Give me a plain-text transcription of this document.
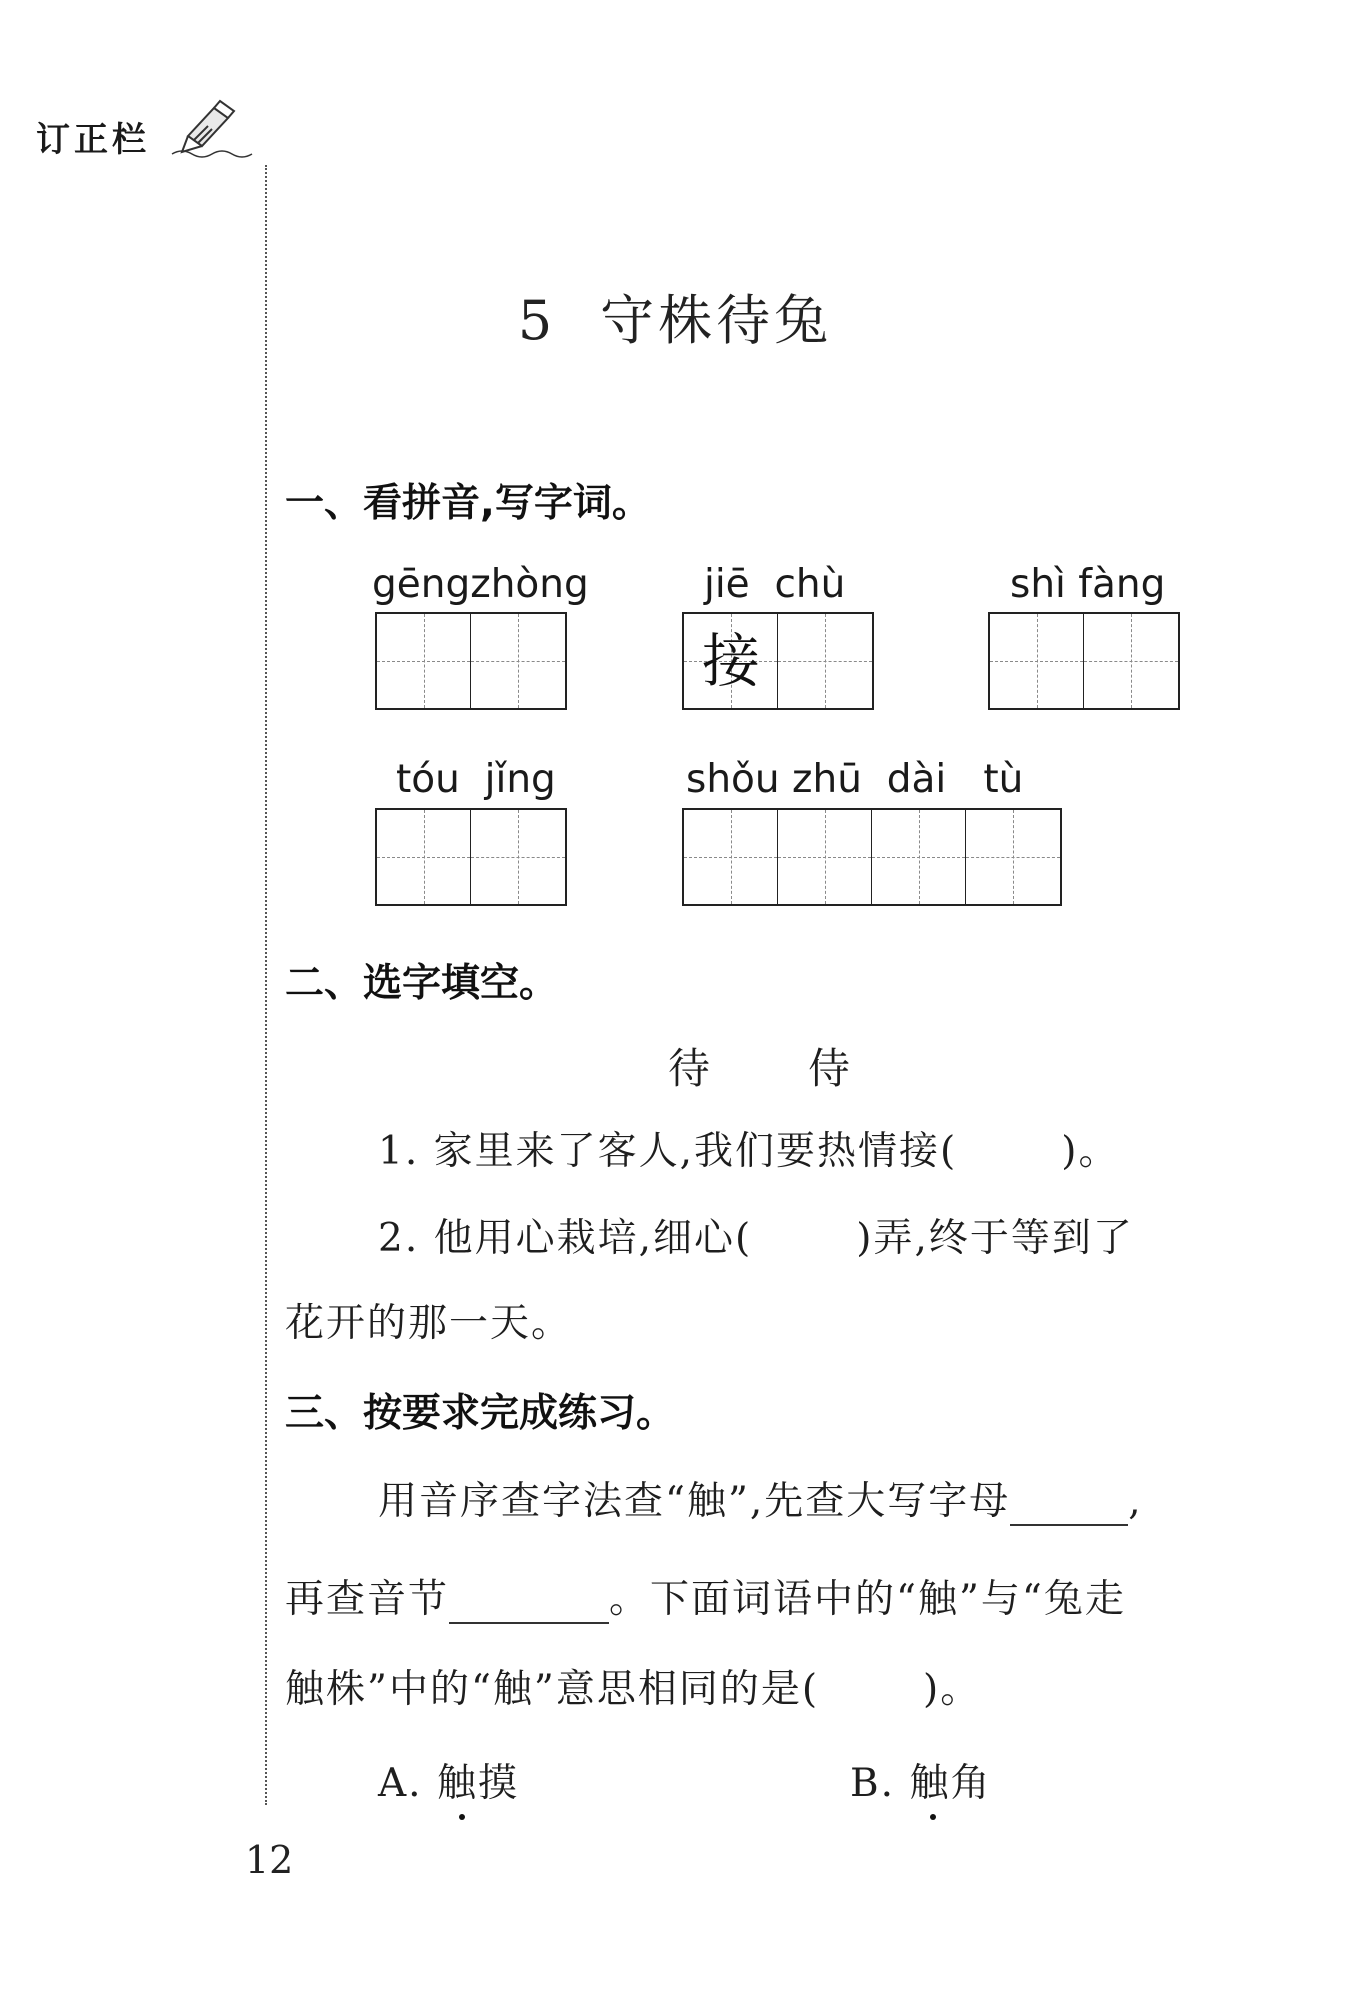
订正栏
5 守株待兔
一、看拼音,写字词。
gēngzhòng	jiē  chù
接
shì fàng
tóu  jǐng	shǒu zhū  dài   tù
二、选字填空。
待 侍
1. 家里来了客人,我们要热情接(	)。
2. 他用心栽培,细心(	)弄,终于等到了
花开的那一天。
三、按要求完成练习。
用音序查字法查“触”,先查大写字母	,
再查音节	。下面词语中的“触”与“兔走
触株”中的“触”意思相同的是(	)。
A. 触摸	B. 触角
12
